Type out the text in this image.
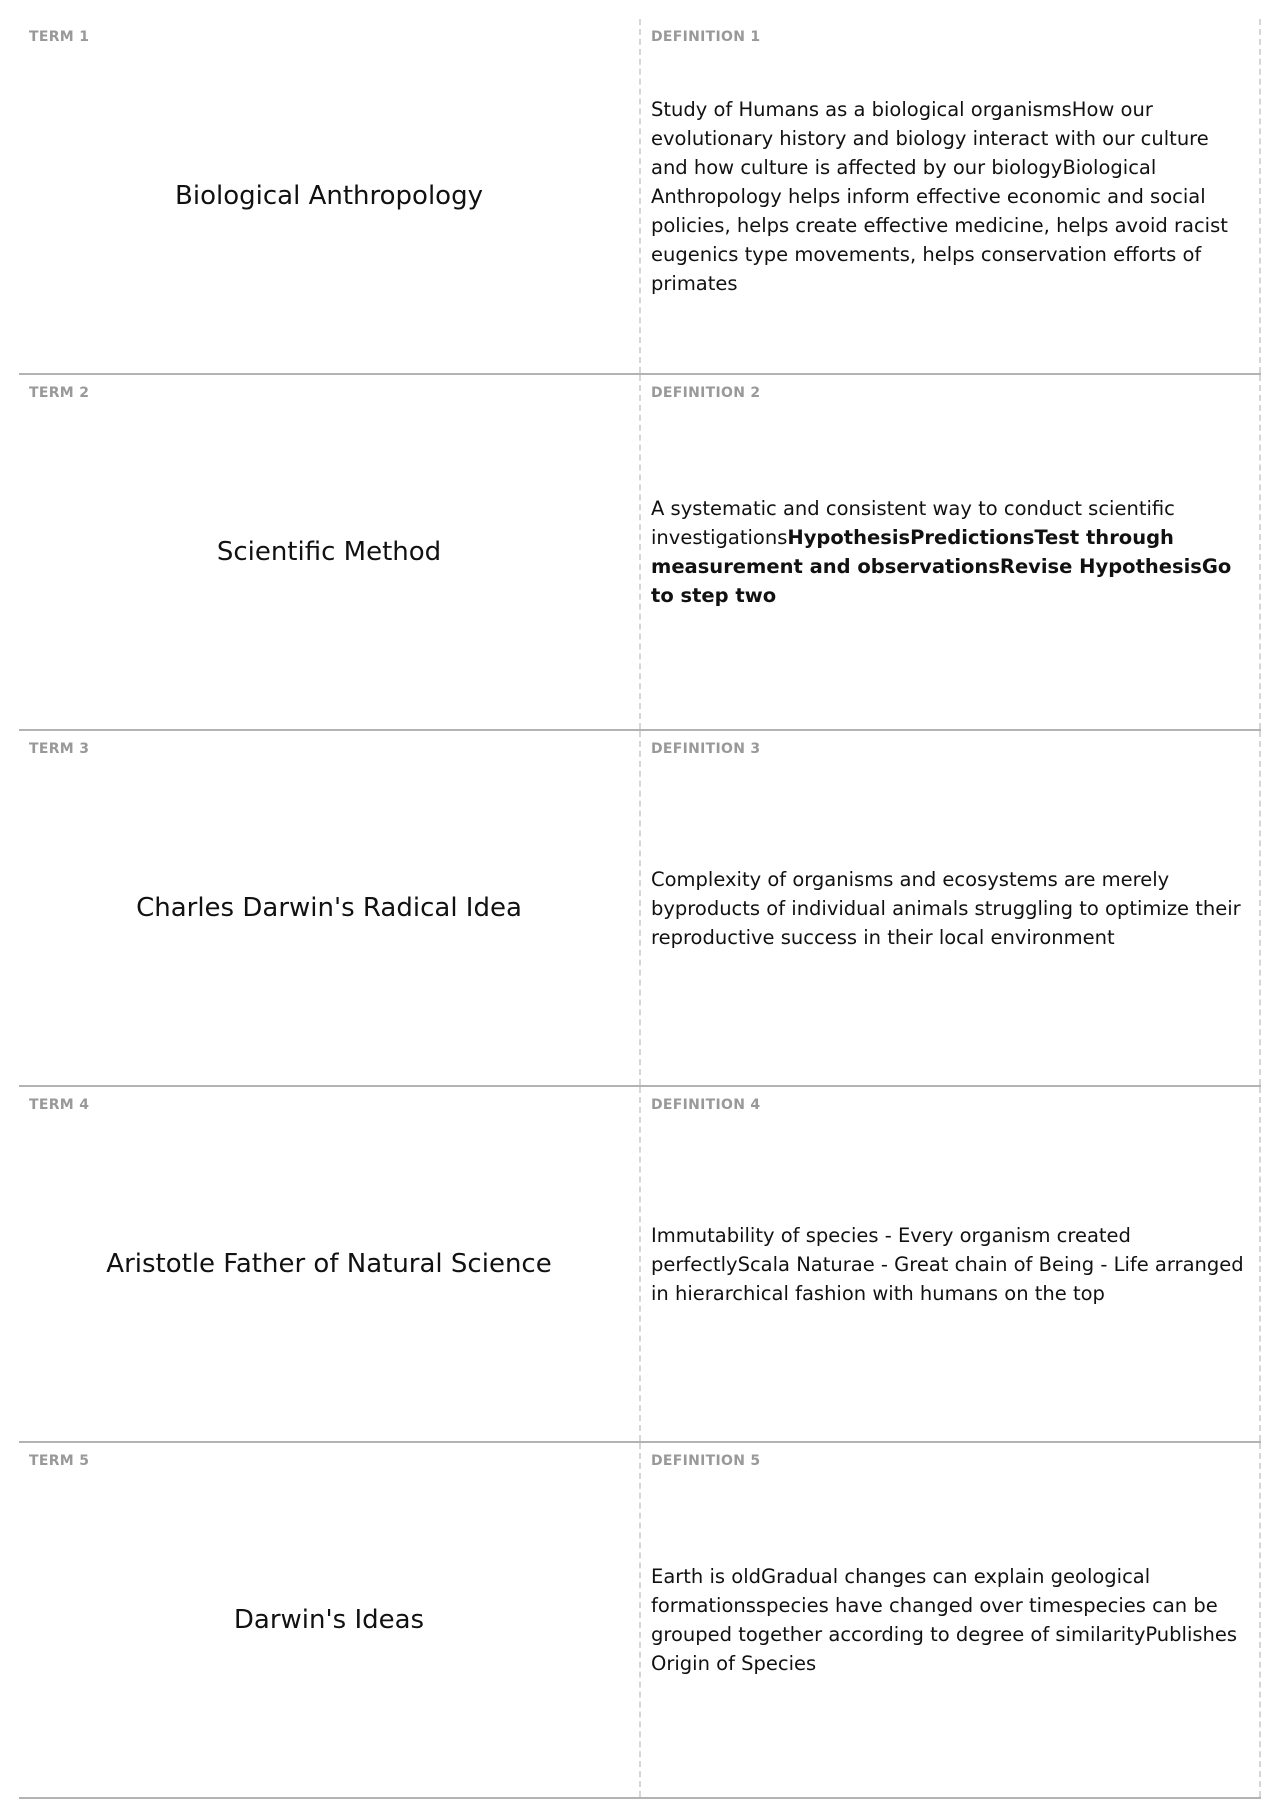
TERM 1
Biological Anthropology
DEFINITION 1
Study of Humans as a biological organismsHow our evolutionary history and biology interact with our culture and how culture is affected by our biologyBiological Anthropology helps inform effective economic and social policies, helps create effective medicine, helps avoid racist eugenics type movements, helps conservation efforts of primates
TERM 2
Scientific Method
DEFINITION 2
A systematic and consistent way to conduct scientific investigationsHypothesisPredictionsTest through measurement and observationsRevise HypothesisGo to step two
TERM 3
Charles Darwin's Radical Idea
DEFINITION 3
Complexity of organisms and ecosystems are merely byproducts of individual animals struggling to optimize their reproductive success in their local environment
TERM 4
Aristotle Father of Natural Science
DEFINITION 4
Immutability of species - Every organism created perfectlyScala Naturae - Great chain of Being - Life arranged in hierarchical fashion with humans on the top
TERM 5
Darwin's Ideas
DEFINITION 5
Earth is oldGradual changes can explain geological formationsspecies have changed over timespecies can be grouped together according to degree of similarityPublishes Origin of Species
